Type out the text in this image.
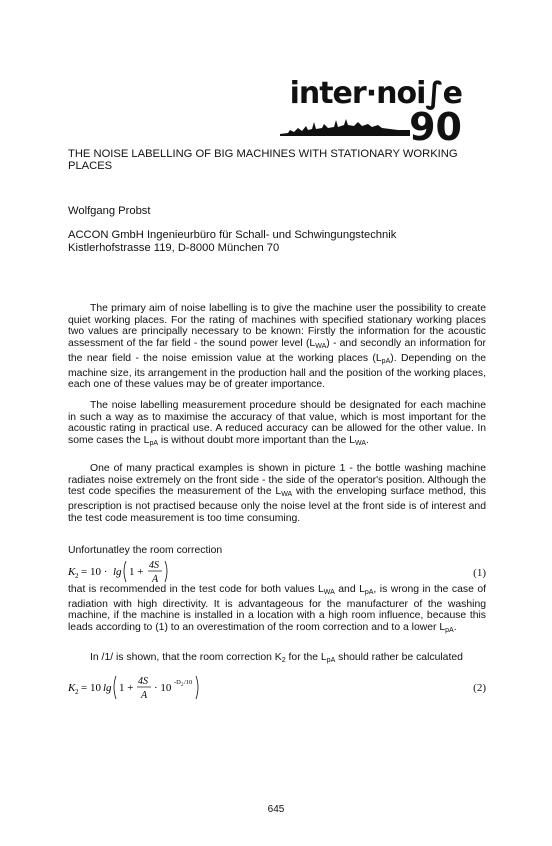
inter·noi∫e
90
THE NOISE LABELLING OF BIG MACHINES WITH STATIONARY WORKING PLACES
Wolfgang Probst
ACCON GmbH Ingenieurbüro für Schall- und Schwingungstechnik
Kistlerhofstrasse 119, D-8000 München 70

The primary aim of noise labelling is to give the machine user the possibility to create quiet working places. For the rating of machines with specified stationary working places two values are principally necessary to be known: Firstly the information for the acoustic assessment of the far field - the sound power level $(L_{WA})$ - and secondly an information for the near field - the noise emission value at the working places $(L_{pA})$. Depending on the machine size, its arrangement in the production hall and the position of the working places, each one of these values may be of greater importance.

The noise labelling measurement procedure should be designated for each machine in such a way as to maximise the accuracy of that value, which is most important for the acoustic rating in practical use. A reduced accuracy can be allowed for the other value. In some cases the $L_{pA}$ is without doubt more important than the $L_{WA}$.

One of many practical examples is shown in picture 1 - the bottle washing machine radiates noise extremely on the front side - the side of the operator's position. Although the test code specifies the measurement of the $L_{WA}$ with the enveloping surface method, this prescription is not practised because only the noise level at the front side is of interest and the test code measurement is too time consuming.

Unfortunatley the room correction

K 2 = 10 · lg 1 +
4S
A
(1)

that is recommended in the test code for both values $L_{WA}$ and $L_{pA}$, is wrong in the case of radiation with high directivity. It is advantageous for the manufacturer of the washing machine, if the machine is installed in a location with a high room influence, because this leads according to (1) to an overestimation of the room correction and to a lower $L_{pA}$.

In /1/ is shown, that the room correction $K_2$ for the $L_{pA}$ should rather be calculated

K 2 = 10 lg 1 +
4S
A
· 10 -D 2 /10	(2)
645
